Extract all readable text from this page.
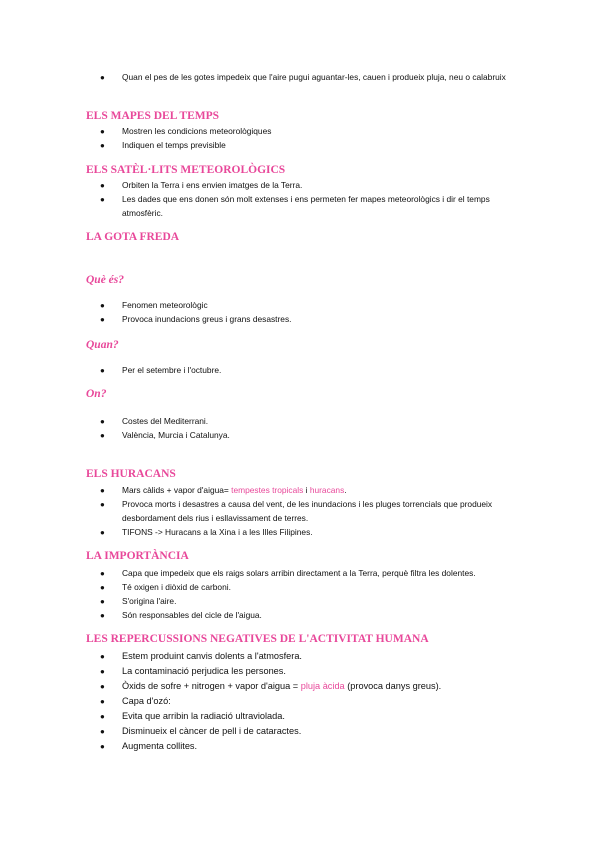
●	Quan el pes de les gotes impedeix que l'aire pugui aguantar-les, cauen i produeix pluja, neu o calabruix
ELS MAPES DEL TEMPS
●	Mostren les condicions meteorològiques
●	Indiquen el temps previsible
ELS SATÈL·LITS METEOROLÒGICS
●	Orbiten la Terra i ens envien imatges de la Terra.
●	Les dades que ens donen són molt extenses i ens permeten fer mapes meteorològics i dir el temps atmosfèric.
LA GOTA FREDA
Què és?
●	Fenomen meteorològic
●	Provoca inundacions greus i grans desastres.
Quan?
●	Per el setembre i l'octubre.
On?
●	Costes del Mediterrani.
●	València, Murcia i Catalunya.
ELS HURACANS
●	Mars càlids + vapor d'aigua= tempestes tropicals i huracans.
●	Provoca morts i desastres a causa del vent, de les inundacions i les pluges torrencials que produeix desbordament dels rius i esllavissament de terres.
●	TIFONS -> Huracans a la Xina i a les Illes Filipines.
LA IMPORTÀNCIA
●	Capa que impedeix que els raigs solars arribin directament a la Terra, perquè filtra les dolentes.
●	Té oxigen i diòxid de carboni.
●	S'origina l'aire.
●	Són responsables del cicle de l'aigua.
LES REPERCUSSIONS NEGATIVES DE L'ACTIVITAT HUMANA
●	Estem produint canvis dolents a l'atmosfera.
●	La contaminació perjudica les persones.
●	Òxids de sofre + nitrogen + vapor d'aigua = pluja àcida (provoca danys greus).
●	Capa d'ozó:
●	Evita que arribin la radiació ultraviolada.
●	Disminueix el càncer de pell i de cataractes.
●	Augmenta collites.
